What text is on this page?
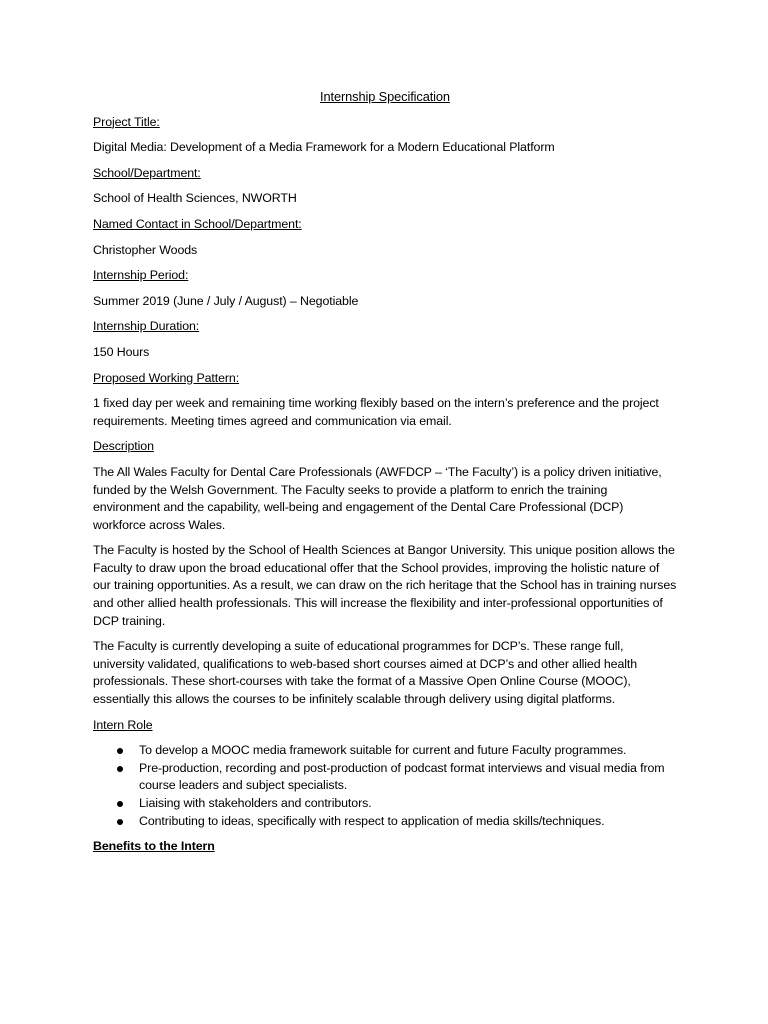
Internship Specification
Project Title:
Digital Media: Development of a Media Framework for a Modern Educational Platform
School/Department:
School of Health Sciences, NWORTH
Named Contact in School/Department:
Christopher Woods
Internship Period:
Summer 2019 (June / July / August) – Negotiable
Internship Duration:
150 Hours
Proposed Working Pattern:
1 fixed day per week and remaining time working flexibly based on the intern’s preference and the project requirements. Meeting times agreed and communication via email.
Description
The All Wales Faculty for Dental Care Professionals (AWFDCP – ‘The Faculty’) is a policy driven initiative, funded by the Welsh Government. The Faculty seeks to provide a platform to enrich the training environment and the capability, well-being and engagement of the Dental Care Professional (DCP) workforce across Wales.
The Faculty is hosted by the School of Health Sciences at Bangor University. This unique position allows the Faculty to draw upon the broad educational offer that the School provides, improving the holistic nature of our training opportunities. As a result, we can draw on the rich heritage that the School has in training nurses and other allied health professionals. This will increase the flexibility and inter-professional opportunities of DCP training.
The Faculty is currently developing a suite of educational programmes for DCP’s. These range full, university validated, qualifications to web-based short courses aimed at DCP’s and other allied health professionals. These short-courses with take the format of a Massive Open Online Course (MOOC), essentially this allows the courses to be infinitely scalable through delivery using digital platforms.
Intern Role
To develop a MOOC media framework suitable for current and future Faculty programmes.
Pre-production, recording and post-production of podcast format interviews and visual media from course leaders and subject specialists.
Liaising with stakeholders and contributors.
Contributing to ideas, specifically with respect to application of media skills/techniques.
Benefits to the Intern
